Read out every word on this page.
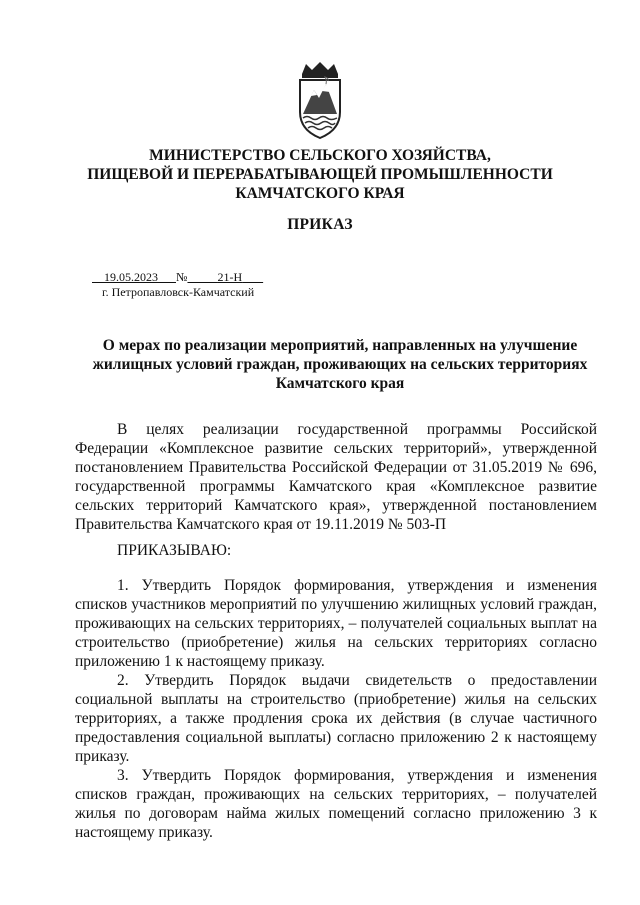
МИНИСТЕРСТВО СЕЛЬСКОГО ХОЗЯЙСТВА,
ПИЩЕВОЙ И ПЕРЕРАБАТЫВАЮЩЕЙ ПРОМЫШЛЕННОСТИ
КАМЧАТСКОГО КРАЯ
ПРИКАЗ
19.05.2023 №	21-Н
г. Петропавловск-Камчатский
О мерах по реализации мероприятий, направленных на улучшение
жилищных условий граждан, проживающих на сельских территориях
Камчатского края

В целях реализации государственной программы Российской Федерации «Комплексное развитие сельских территорий», утвержденной постановлением Правительства Российской Федерации от 31.05.2019 № 696, государственной программы Камчатского края «Комплексное развитие сельских территорий Камчатского края», утвержденной постановлением Правительства Камчатского края от 19.11.2019 № 503-П

ПРИКАЗЫВАЮ:

1. Утвердить Порядок формирования, утверждения и изменения списков участников мероприятий по улучшению жилищных условий граждан, проживающих на сельских территориях, – получателей социальных выплат на строительство (приобретение) жилья на сельских территориях согласно приложению 1 к настоящему приказу.

2. Утвердить Порядок выдачи свидетельств о предоставлении социальной выплаты на строительство (приобретение) жилья на сельских территориях, а также продления срока их действия (в случае частичного предоставления социальной выплаты) согласно приложению 2 к настоящему приказу.

3. Утвердить Порядок формирования, утверждения и изменения списков граждан, проживающих на сельских территориях, – получателей жилья по договорам найма жилых помещений согласно приложению 3 к настоящему приказу.
